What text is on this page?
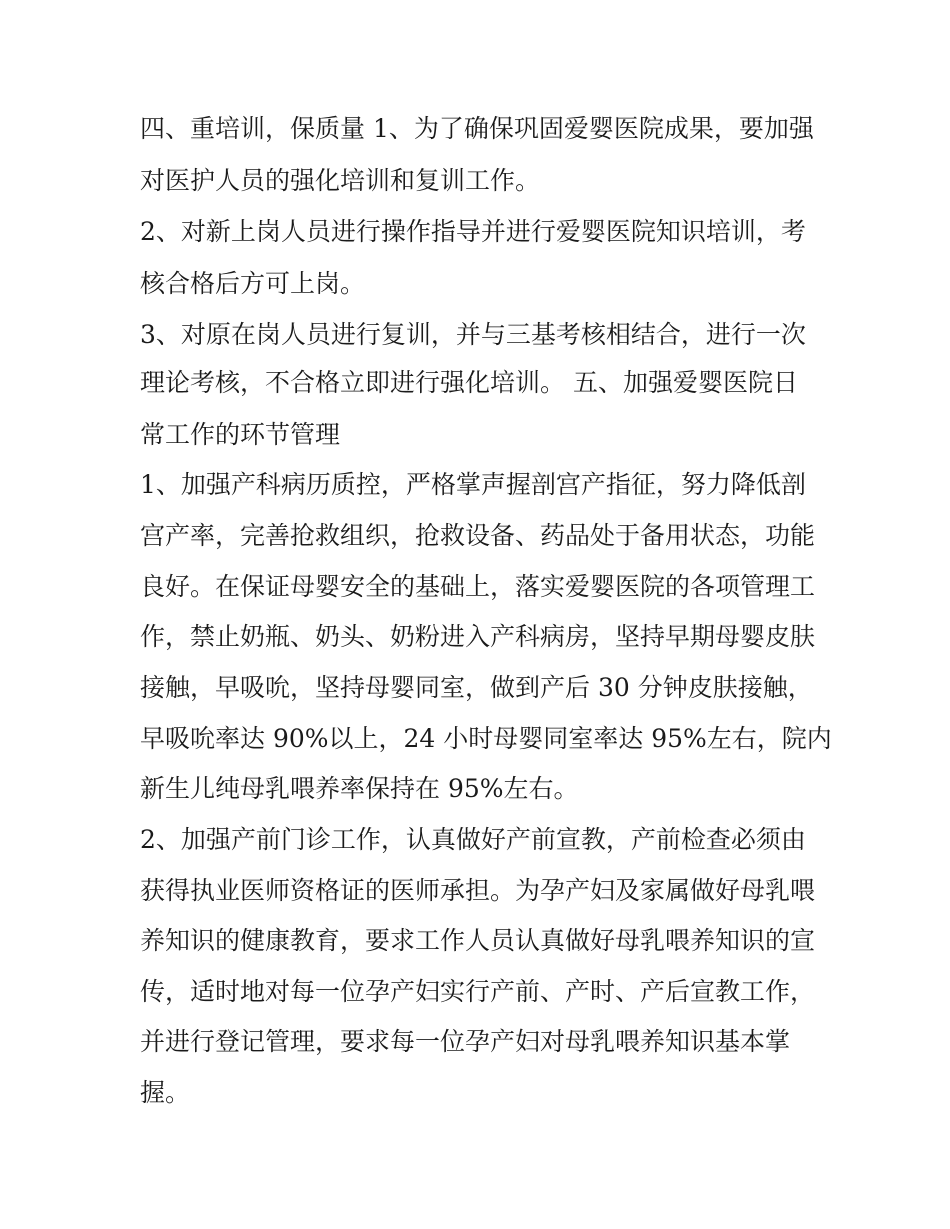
四、重培训，保质量 1、为了确保巩固爱婴医院成果，要加强
对医护人员的强化培训和复训工作。
2、对新上岗人员进行操作指导并进行爱婴医院知识培训，考
核合格后方可上岗。
3、对原在岗人员进行复训，并与三基考核相结合，进行一次
理论考核，不合格立即进行强化培训。 五、加强爱婴医院日
常工作的环节管理
1、加强产科病历质控，严格掌声握剖宫产指征，努力降低剖
宫产率，完善抢救组织，抢救设备、药品处于备用状态，功能
良好。在保证母婴安全的基础上，落实爱婴医院的各项管理工
作，禁止奶瓶、奶头、奶粉进入产科病房，坚持早期母婴皮肤
接触，早吸吮，坚持母婴同室，做到产后 30 分钟皮肤接触，
早吸吮率达 90%以上，24 小时母婴同室率达 95%左右，院内
新生儿纯母乳喂养率保持在 95%左右。
2、加强产前门诊工作，认真做好产前宣教，产前检查必须由
获得执业医师资格证的医师承担。为孕产妇及家属做好母乳喂
养知识的健康教育，要求工作人员认真做好母乳喂养知识的宣
传，适时地对每一位孕产妇实行产前、产时、产后宣教工作，
并进行登记管理，要求每一位孕产妇对母乳喂养知识基本掌
握。
